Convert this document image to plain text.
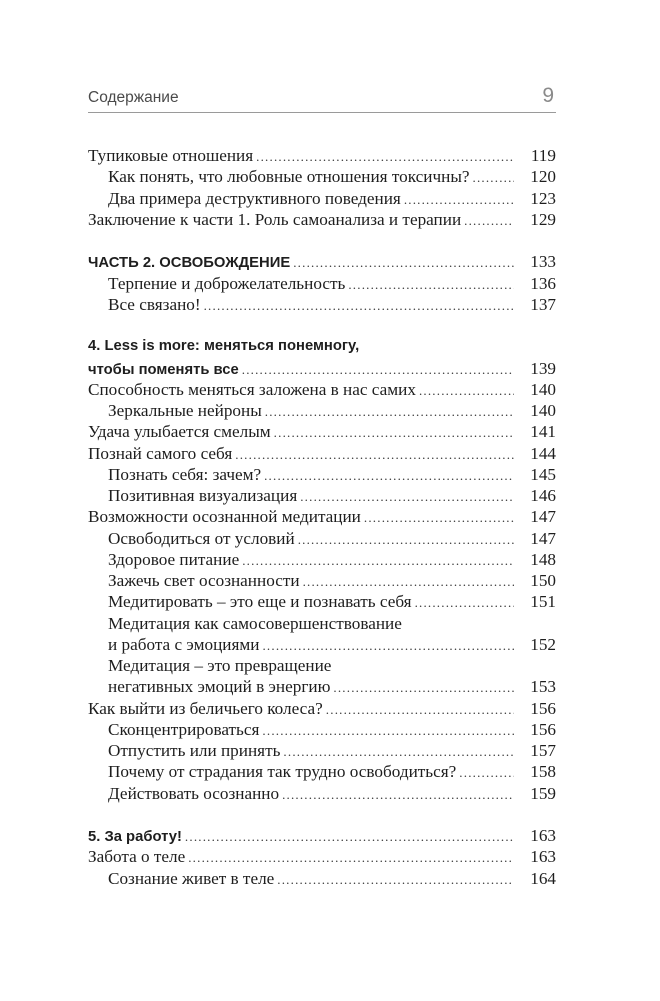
Содержание	9
Тупиковые отношения .....	119
Как понять, что любовные отношения токсичны? .....	120
Два примера деструктивного поведения .....	123
Заключение к части 1. Роль самоанализа и терапии .....	129
ЧАСТЬ 2. ОСВОБОЖДЕНИЕ .....	133
Терпение и доброжелательность .....	136
Все связано! .....	137
4. Less is more: меняться понемногу,
чтобы поменять все .....	139
Способность меняться заложена в нас самих .....	140
Зеркальные нейроны .....	140
Удача улыбается смелым .....	141
Познай самого себя .....	144
Познать себя: зачем? .....	145
Позитивная визуализация .....	146
Возможности осознанной медитации .....	147
Освободиться от условий .....	147
Здоровое питание .....	148
Зажечь свет осознанности .....	150
Медитировать – это еще и познавать себя .....	151
Медитация как самосовершенствование
и работа с эмоциями .....	152
Медитация – это превращение
негативных эмоций в энергию .....	153
Как выйти из беличьего колеса? .....	156
Сконцентрироваться .....	156
Отпустить или принять .....	157
Почему от страдания так трудно освободиться? .....	158
Действовать осознанно .....	159
5. За работу! .....	163
Забота о теле .....	163
Сознание живет в теле .....	164
